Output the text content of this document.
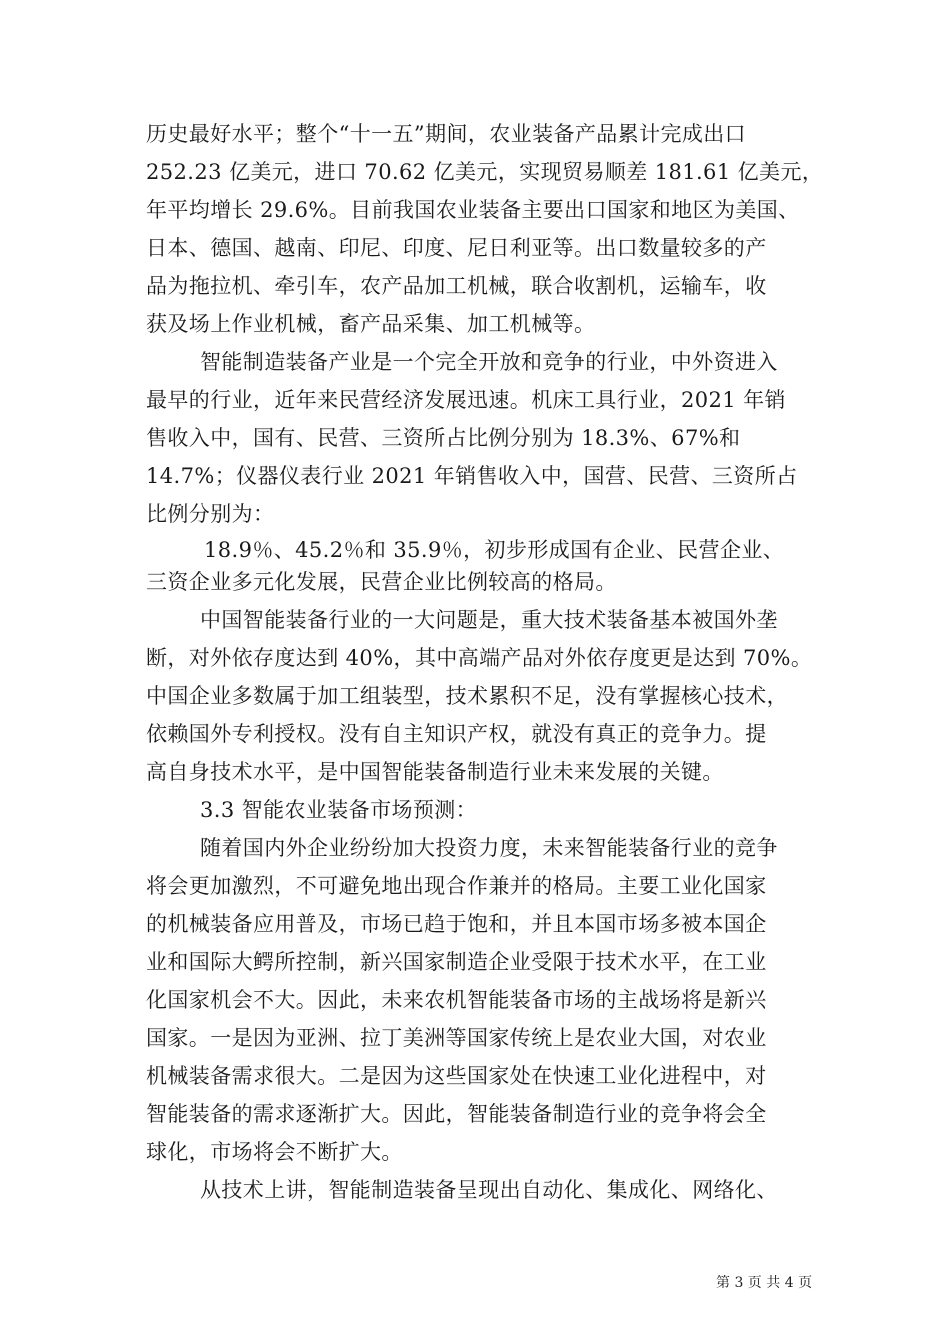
历史最好水平；整个“十一五”期间，农业装备产品累计完成出口
252.23 亿美元，进口 70.62 亿美元，实现贸易顺差 181.61 亿美元，
年平均增长 29.6%。目前我国农业装备主要出口国家和地区为美国、
日本、德国、越南、印尼、印度、尼日利亚等。出口数量较多的产
品为拖拉机、牵引车，农产品加工机械，联合收割机，运输车，收
获及场上作业机械，畜产品采集、加工机械等。
智能制造装备产业是一个完全开放和竞争的行业，中外资进入
最早的行业，近年来民营经济发展迅速。机床工具行业，2021 年销
售收入中，国有、民营、三资所占比例分别为 18.3%、67%和
14.7%；仪器仪表行业 2021 年销售收入中，国营、民营、三资所占
比例分别为：
18.9％、45.2％和 35.9％，初步形成国有企业、民营企业、
三资企业多元化发展，民营企业比例较高的格局。
中国智能装备行业的一大问题是，重大技术装备基本被国外垄
断，对外依存度达到 40%，其中高端产品对外依存度更是达到 70%。
中国企业多数属于加工组装型，技术累积不足，没有掌握核心技术，
依赖国外专利授权。没有自主知识产权，就没有真正的竞争力。提
高自身技术水平，是中国智能装备制造行业未来发展的关键。
3.3 智能农业装备市场预测：
随着国内外企业纷纷加大投资力度，未来智能装备行业的竞争
将会更加激烈，不可避免地出现合作兼并的格局。主要工业化国家
的机械装备应用普及，市场已趋于饱和，并且本国市场多被本国企
业和国际大鳄所控制，新兴国家制造企业受限于技术水平，在工业
化国家机会不大。因此，未来农机智能装备市场的主战场将是新兴
国家。一是因为亚洲、拉丁美洲等国家传统上是农业大国，对农业
机械装备需求很大。二是因为这些国家处在快速工业化进程中，对
智能装备的需求逐渐扩大。因此，智能装备制造行业的竞争将会全
球化，市场将会不断扩大。
从技术上讲，智能制造装备呈现出自动化、集成化、网络化、
第 3 页 共 4 页
